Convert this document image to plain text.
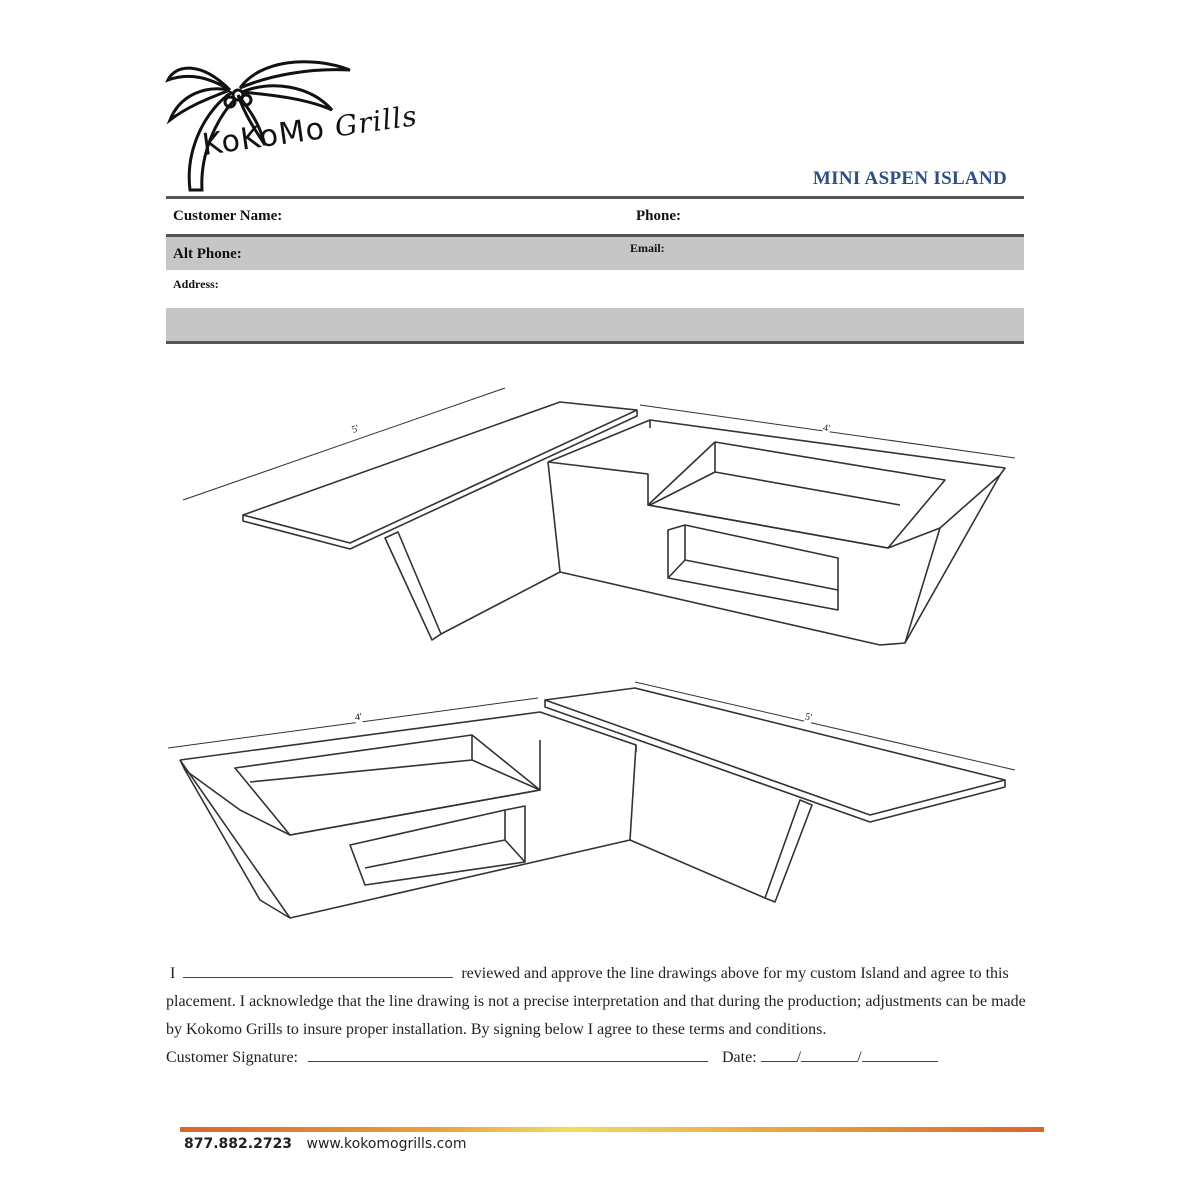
KoKoMo Grills
MINI ASPEN ISLAND
Customer Name:	Phone:
Alt Phone:	Email:
Address:
5'	4'
4'	5'
I	reviewed and approve the line drawings above for my custom Island and agree to this placement. I acknowledge that the line drawing is not a precise interpretation and that during the production; adjustments can be made by Kokomo Grills to insure proper installation. By signing below I agree to these terms and conditions.
Customer Signature:	Date:	/	/
877.882.2723 www.kokomogrills.com
